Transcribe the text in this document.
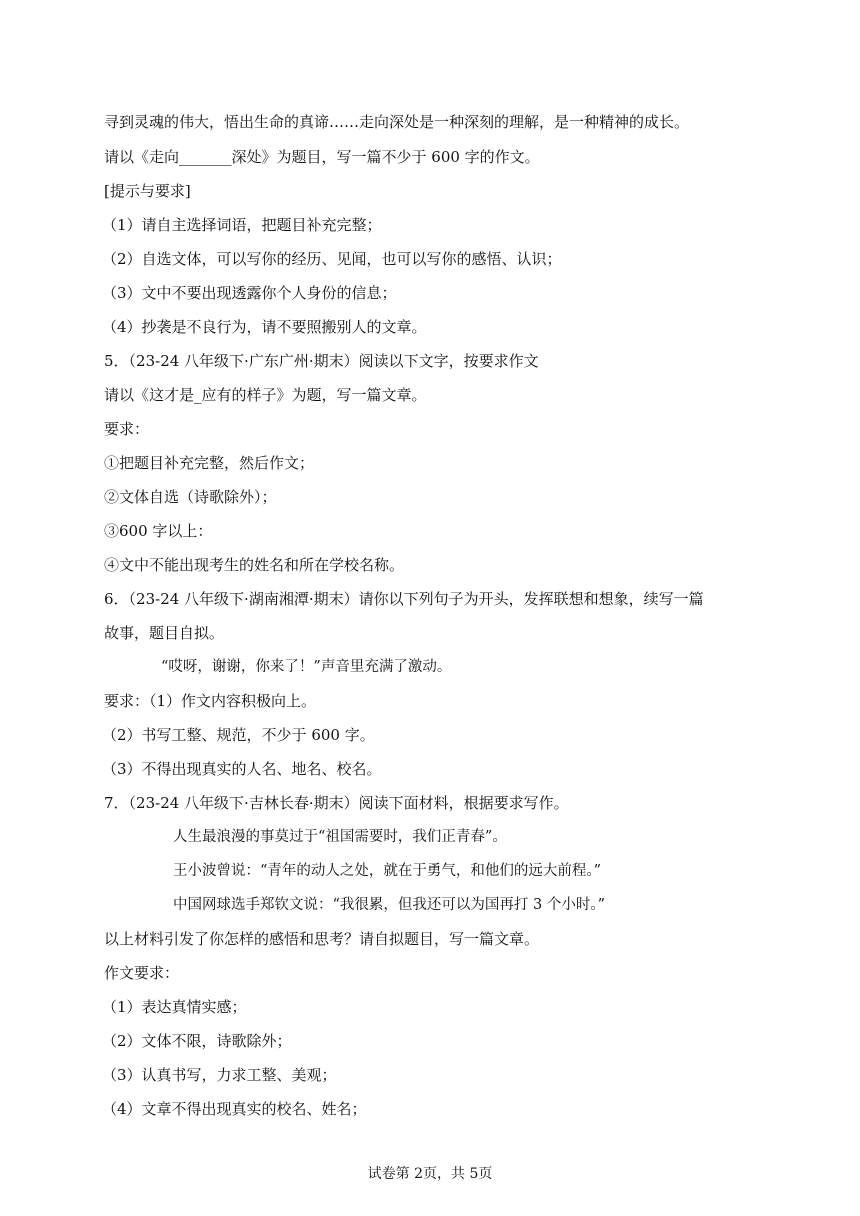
寻到灵魂的伟大，悟出生命的真谛……走向深处是一种深刻的理解，是一种精神的成长。
请以《走向_______深处》为题目，写一篇不少于 600 字的作文。
[提示与要求]
（1）请自主选择词语，把题目补充完整；
（2）自选文体，可以写你的经历、见闻，也可以写你的感悟、认识；
（3）文中不要出现透露你个人身份的信息；
（4）抄袭是不良行为，请不要照搬别人的文章。
5．（23-24 八年级下·广东广州·期末）阅读以下文字，按要求作文
请以《这才是_应有的样子》为题，写一篇文章。
要求：
①把题目补充完整，然后作文；
②文体自选（诗歌除外）；
③600 字以上：
④文中不能出现考生的姓名和所在学校名称。
6．（23-24 八年级下·湖南湘潭·期末）请你以下列句子为开头，发挥联想和想象，续写一篇
故事，题目自拟。
“哎呀，谢谢，你来了！”声音里充满了激动。
要求：（1）作文内容积极向上。
（2）书写工整、规范，不少于 600 字。
（3）不得出现真实的人名、地名、校名。
7．（23-24 八年级下·吉林长春·期末）阅读下面材料，根据要求写作。
人生最浪漫的事莫过于“祖国需要时，我们正青春”。
王小波曾说：“青年的动人之处，就在于勇气，和他们的远大前程。”
中国网球选手郑钦文说：“我很累，但我还可以为国再打 3 个小时。”
以上材料引发了你怎样的感悟和思考？请自拟题目，写一篇文章。
作文要求：
（1）表达真情实感；
（2）文体不限，诗歌除外；
（3）认真书写，力求工整、美观；
（4）文章不得出现真实的校名、姓名；
试卷第 2页，共 5页
